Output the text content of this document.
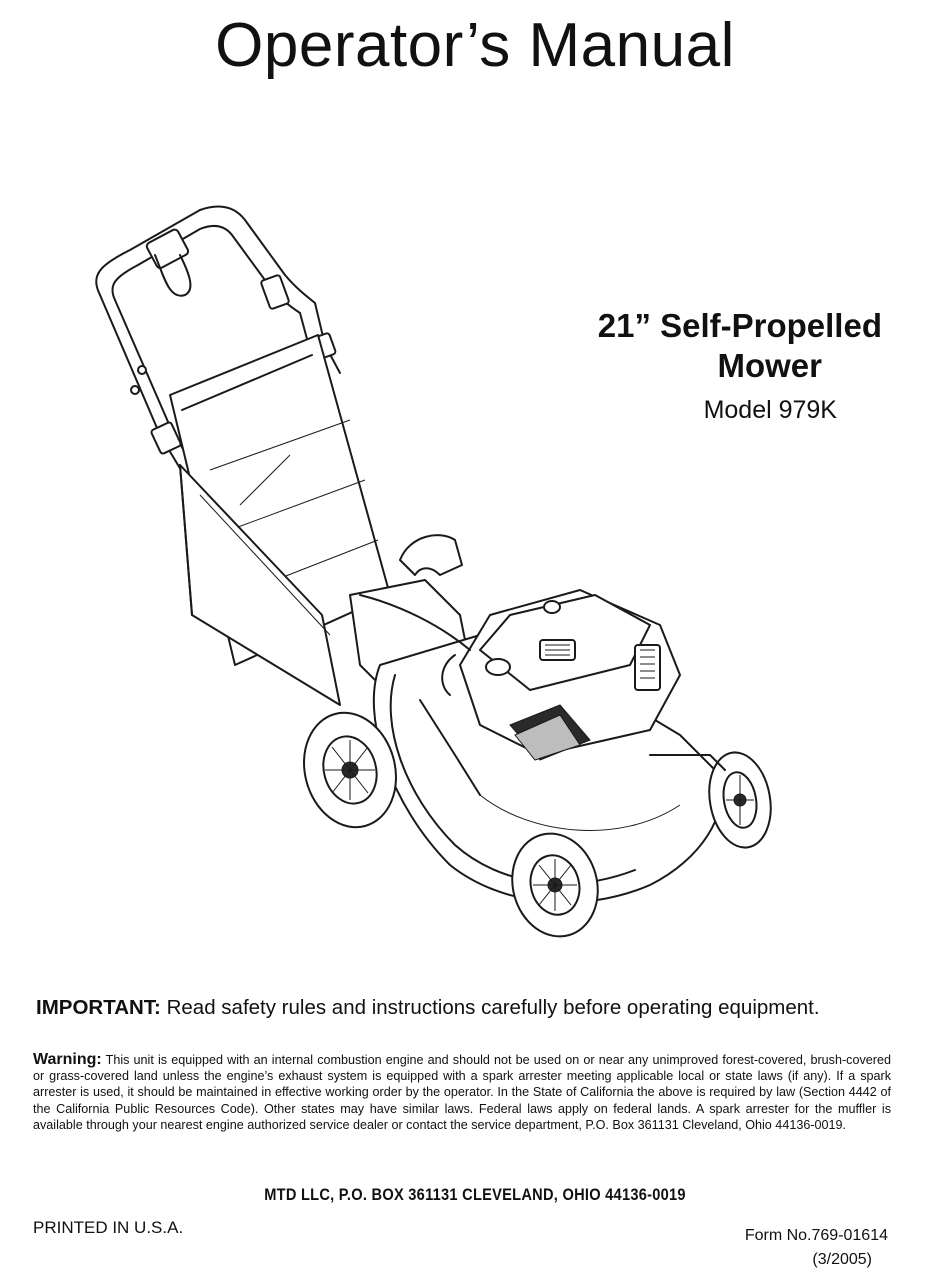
Operator’s Manual
21” Self-Propelled
Mower
Model 979K
IMPORTANT: Read safety rules and instructions carefully before operating equipment.
Warning: This unit is equipped with an internal combustion engine and should not be used on or near any unimproved forest-covered, brush-covered or grass-covered land unless the engine’s exhaust system is equipped with a spark arrester meeting applicable local or state laws (if any). If a spark arrester is used, it should be maintained in effective working order by the operator. In the State of California the above is required by law (Section 4442 of the California Public Resources Code). Other states may have similar laws. Federal laws apply on federal lands. A spark arrester for the muffler is available through your nearest engine authorized service dealer or contact the service department, P.O. Box 361131 Cleveland, Ohio 44136-0019.
MTD LLC, P.O. BOX 361131 CLEVELAND, OHIO 44136-0019
PRINTED IN U.S.A.	Form No.769-01614
(3/2005)
